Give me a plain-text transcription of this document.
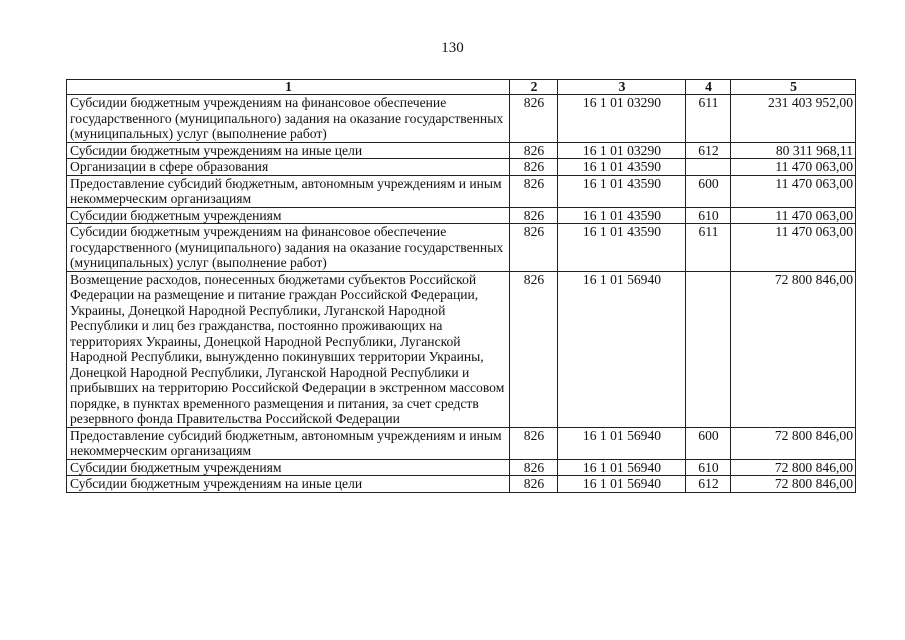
130
1	2	3	4	5
Субсидии бюджетным учреждениям на финансовое обеспечение государственного (муниципального) задания на оказание государственных (муниципальных) услуг (выполнение работ)	826	16 1 01 03290	611	231 403 952,00
Субсидии бюджетным учреждениям на иные цели	826	16 1 01 03290	612	80 311 968,11
Организации в сфере образования	826	16 1 01 43590		11 470 063,00
Предоставление субсидий бюджетным, автономным учреждениям и иным некоммерческим организациям	826	16 1 01 43590	600	11 470 063,00
Субсидии бюджетным учреждениям	826	16 1 01 43590	610	11 470 063,00
Субсидии бюджетным учреждениям на финансовое обеспечение государственного (муниципального) задания на оказание государственных (муниципальных) услуг (выполнение работ)	826	16 1 01 43590	611	11 470 063,00
Возмещение расходов, понесенных бюджетами субъектов Российской Федерации на размещение и питание граждан Российской Федерации, Украины, Донецкой Народной Республики, Луганской Народной Республики и лиц без гражданства, постоянно проживающих на территориях Украины, Донецкой Народной Республики, Луганской Народной Республики, вынужденно покинувших территории Украины, Донецкой Народной Республики, Луганской Народной Республики и прибывших на территорию Российской Федерации в экстренном массовом порядке, в пунктах временного размещения и питания, за счет средств резервного фонда Правительства Российской Федерации	826	16 1 01 56940		72 800 846,00
Предоставление субсидий бюджетным, автономным учреждениям и иным некоммерческим организациям	826	16 1 01 56940	600	72 800 846,00
Субсидии бюджетным учреждениям	826	16 1 01 56940	610	72 800 846,00
Субсидии бюджетным учреждениям на иные цели	826	16 1 01 56940	612	72 800 846,00
